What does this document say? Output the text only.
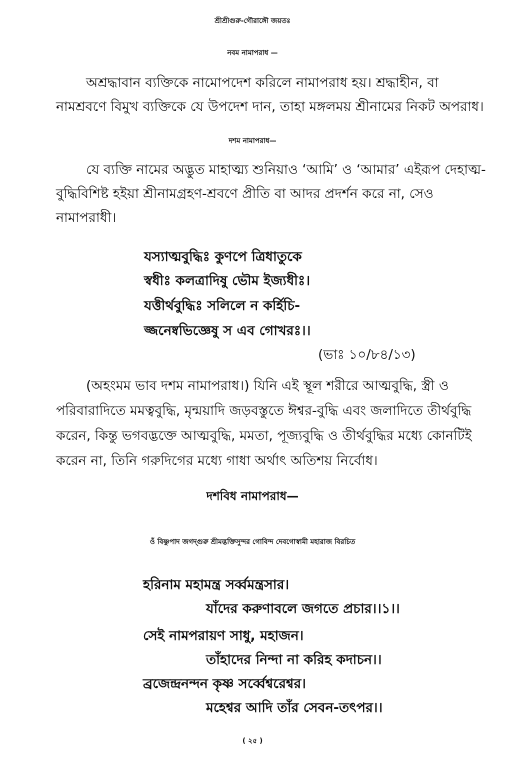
শ্রীশ্রীগুরু-গৌরাঙ্গৌ জয়তঃ
নবম নামাপরাধ —
অশ্রদ্ধাবান ব্যক্তিকে নামোপদেশ করিলে নামাপরাধ হয়। শ্রদ্ধাহীন, বা
নামশ্রবণে বিমুখ ব্যক্তিকে যে উপদেশ দান, তাহা মঙ্গলময় শ্রীনামের নিকট অপরাধ।
দশম নামাপরাধ—
যে ব্যক্তি নামের অদ্ভুত মাহাত্ম্য শুনিয়াও ‘আমি’ ও ‘আমার’ এইরূপ দেহাত্ম-
বুদ্ধিবিশিষ্ট হইয়া শ্রীনামগ্রহণ-শ্রবণে প্রীতি বা আদর প্রদর্শন করে না, সেও
নামাপরাধী।
যস্যাত্মবুদ্ধিঃ কুণপে ত্রিধাতুকে
স্বধীঃ কলত্রাদিষু ভৌম ইজ্যধীঃ।
যত্তীর্থবুদ্ধিঃ সলিলে ন কর্হিচি-
জ্জনেষ্বভিজ্ঞেষু স এব গোখরঃ।।
(ভাঃ ১০/৮৪/১৩)
(অহংমম ভাব দশম নামাপরাধ।) যিনি এই স্থূল শরীরে আত্মবুদ্ধি, স্ত্রী ও
পরিবারাদিতে মমত্ববুদ্ধি, মৃন্ময়াদি জড়বস্তুতে ঈশ্বর-বুদ্ধি এবং জলাদিতে তীর্থবুদ্ধি
করেন, কিন্তু ভগবদ্ভক্তে আত্মবুদ্ধি, মমতা, পূজ্যবুদ্ধি ও তীর্থবুদ্ধির মধ্যে কোনটিই
করেন না, তিনি গরুদিগের মধ্যে গাধা অর্থাৎ অতিশয় নির্বোধ।
দশবিধ নামাপরাধ—
ওঁ বিষ্ণুপাদ জগদ্গুরু শ্রীমদ্ভক্তিসুন্দর গোবিন্দ দেবগোস্বামী মহারাজ বিরচিত
হরিনাম মহামন্ত্র সর্ব্বমন্ত্রসার।
যাঁদের করুণাবলে জগতে প্রচার।।১।।
সেই নামপরায়ণ সাধু, মহাজন।
তাঁহাদের নিন্দা না করিহ কদাচন।।
ব্রজেন্দ্রনন্দন কৃষ্ণ সর্ব্বেশ্বরেশ্বর।
মহেশ্বর আদি তাঁর সেবন-তৎপর।।
( ২৫ )
